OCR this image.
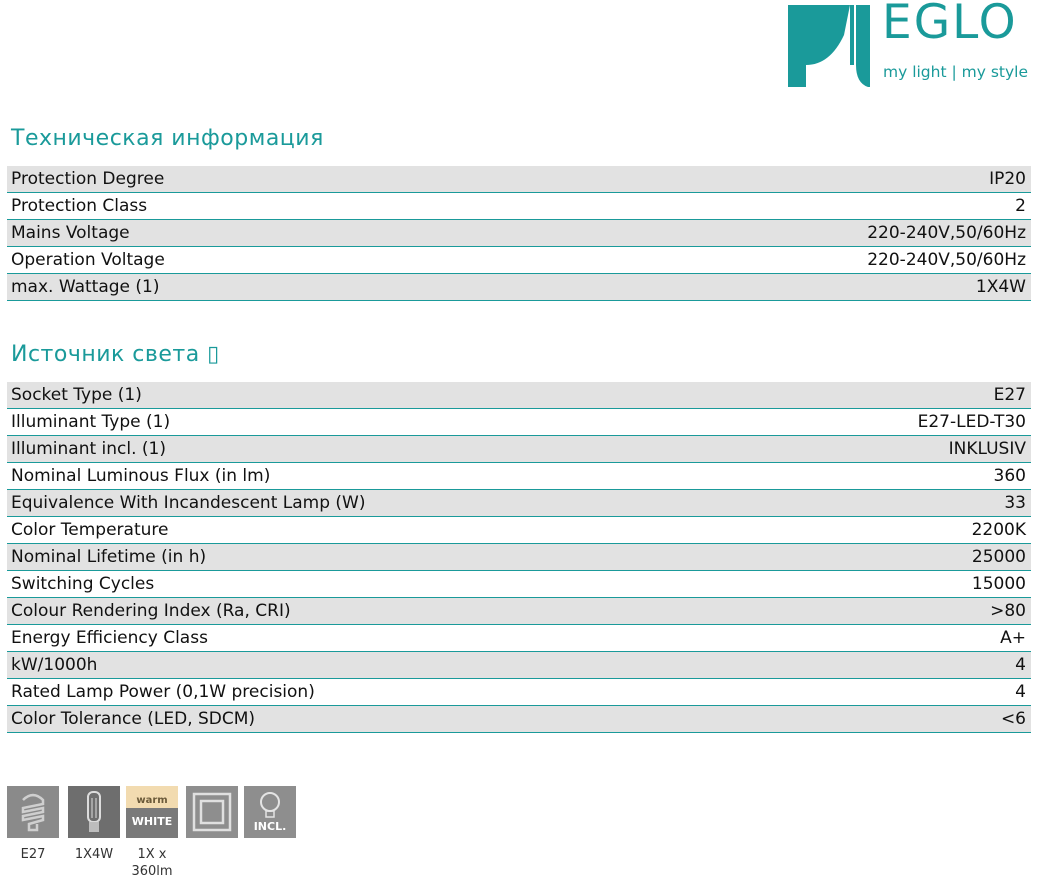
EGLO
my light | my style
Техническая информация
Protection Degree	IP20
Protection Class	2
Mains Voltage	220-240V,50/60Hz
Operation Voltage	220-240V,50/60Hz
max. Wattage (1)	1X4W
Источник света ▯
Socket Type (1)	E27
Illuminant Type (1)	E27-LED-T30
Illuminant incl. (1)	INKLUSIV
Nominal Luminous Flux (in lm)	360
Equivalence With Incandescent Lamp (W)	33
Color Temperature	2200K
Nominal Lifetime (in h)	25000
Switching Cycles	15000
Colour Rendering Index (Ra, CRI)	>80
Energy Efficiency Class	A+
kW/1000h	4
Rated Lamp Power (0,1W precision)	4
Color Tolerance (LED, SDCM)	<6
E27	1X4W
warm
WHITE
1X x
360lm
INCL.
